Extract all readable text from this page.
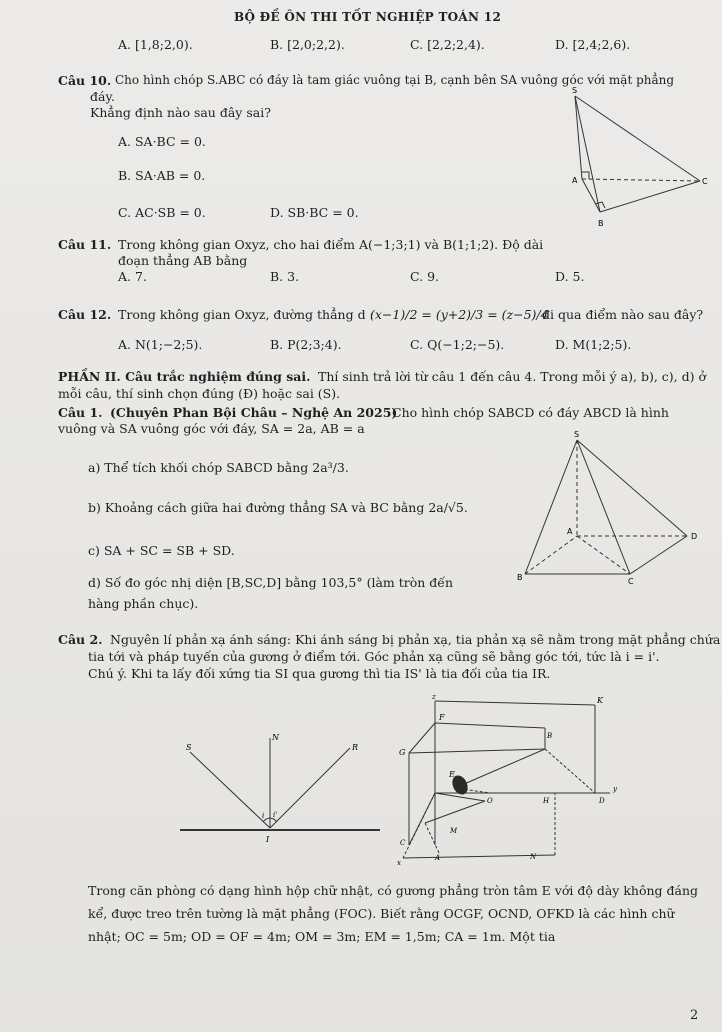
BỘ ĐỀ ÔN THI TỐT NGHIỆP TOÁN 12
A. [1,8;2,0).	B. [2,0;2,2).	C. [2,2;2,4).	D. [2,4;2,6).
Câu 10. Cho hình chóp S.ABC có đáy là tam giác vuông tại B, cạnh bên SA vuông góc với mặt phẳng
đáy.
Khẳng định nào sau đây sai?
A. SA·BC = 0.
B. SA·AB = 0.
C. AC·SB = 0.	D. SB·BC = 0.
S
A
B
C
Câu 11. Trong không gian Oxyz, cho hai điểm A(−1;3;1) và B(1;1;2). Độ dài
đoạn thẳng AB bằng
A. 7.	B. 3.	C. 9.	D. 5.
Câu 12. Trong không gian Oxyz, đường thẳng d :
(x−1)/2 = (y+2)/3 = (z−5)/4
đi qua điểm nào sau đây?
A. N(1;−2;5).	B. P(2;3;4).	C. Q(−1;2;−5).	D. M(1;2;5).
PHẦN II. Câu trắc nghiệm đúng sai. Thí sinh trả lời từ câu 1 đến câu 4. Trong mỗi ý a), b), c), d) ở
mỗi câu, thí sinh chọn đúng (Đ) hoặc sai (S).
Câu 1. (Chuyên Phan Bội Châu – Nghệ An 2025)
Cho hình chóp SABCD có đáy ABCD là hình
vuông và SA vuông góc với đáy, SA = 2a, AB = a
a) Thể tích khối chóp SABCD bằng 2a³/3.
b) Khoảng cách giữa hai đường thẳng SA và BC bằng 2a/√5.
c) SA + SC = SB + SD.
d) Số đo góc nhị diện [B,SC,D] bằng 103,5° (làm tròn đến
hàng phần chục).
S
A
B	C
D
Câu 2. Nguyên lí phản xạ ánh sáng: Khi ánh sáng bị phản xạ, tia phản xạ sẽ nằm trong mặt phẳng chứa
tia tới và pháp tuyến của gương ở điểm tới. Góc phản xạ cũng sẽ bằng góc tới, tức là i = i'.
Chú ý. Khi ta lấy đối xứng tia SI qua gương thì tia IS' là tia đối của tia IR.
S
N
R
I
i i'
z	K
F
B
G
E
O	H	D
y
M
C
A	N
x
Trong căn phòng có dạng hình hộp chữ nhật, có gương phẳng tròn tâm E với độ dày không đáng
kể, được treo trên tường là mặt phẳng (FOC). Biết rằng OCGF, OCND, OFKD là các hình chữ
nhật; OC = 5m; OD = OF = 4m; OM = 3m; EM = 1,5m; CA = 1m. Một tia
2
